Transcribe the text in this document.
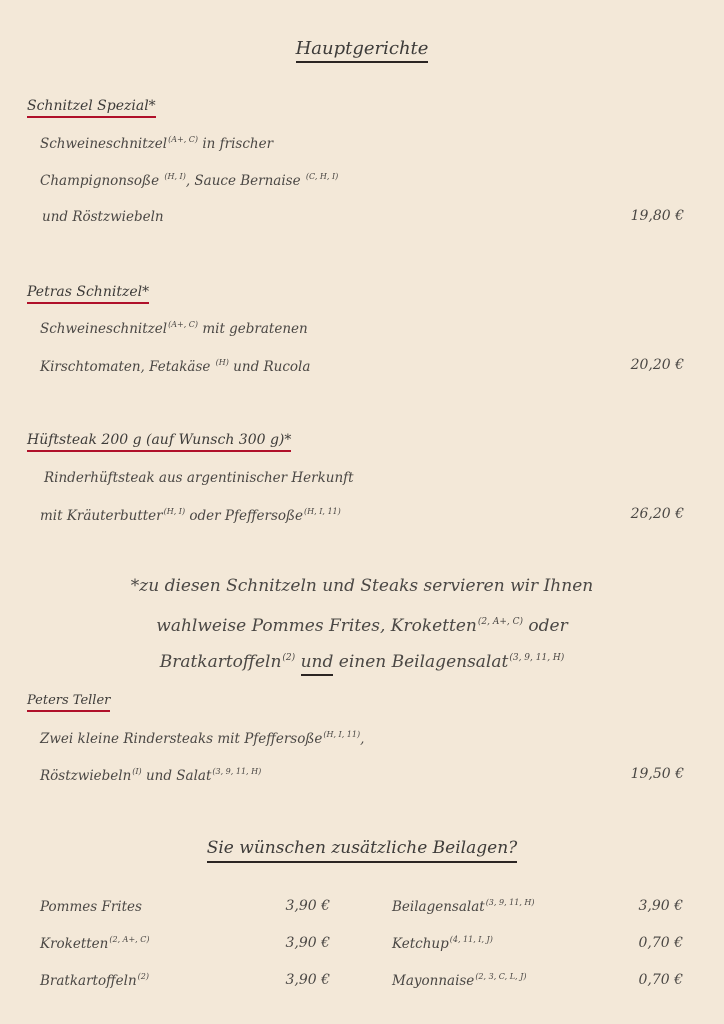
Hauptgerichte
Schnitzel Spezial*
Schweineschnitzel$^{(A+, C)}$ in frischer
Champignonsoße $^{(H, I)}$, Sauce Bernaise $^{(C, H, I)}$
und Röstzwiebeln	19,80 €
Petras Schnitzel*
Schweineschnitzel$^{(A+, C)}$ mit gebratenen
Kirschtomaten, Fetakäse $^{(H)}$ und Rucola	20,20 €
Hüftsteak 200 g (auf Wunsch 300 g)*
Rinderhüftsteak aus argentinischer Herkunft
mit Kräuterbutter$^{(H, I)}$ oder Pfeffersoße$^{(H, I, 11)}$	26,20 €
*zu diesen Schnitzeln und Steaks servieren wir Ihnen
wahlweise Pommes Frites, Kroketten$^{(2, A+, C)}$ oder
Bratkartoffeln$^{(2)}$ und einen Beilagensalat$^{(3, 9, 11, H)}$
Peters Teller
Zwei kleine Rindersteaks mit Pfeffersoße$^{(H, I, 11)}$,
Röstzwiebeln$^{(I)}$ und Salat$^{(3, 9, 11, H)}$	19,50 €
Sie wünschen zusätzliche Beilagen?
Pommes Frites	3,90 €	Beilagensalat$^{(3, 9, 11, H)}$	3,90 €
Kroketten$^{(2, A+, C)}$	3,90 €	Ketchup$^{(4, 11, I, J)}$	0,70 €
Bratkartoffeln$^{(2)}$	3,90 €	Mayonnaise$^{(2, 3, C, L, J)}$	0,70 €
